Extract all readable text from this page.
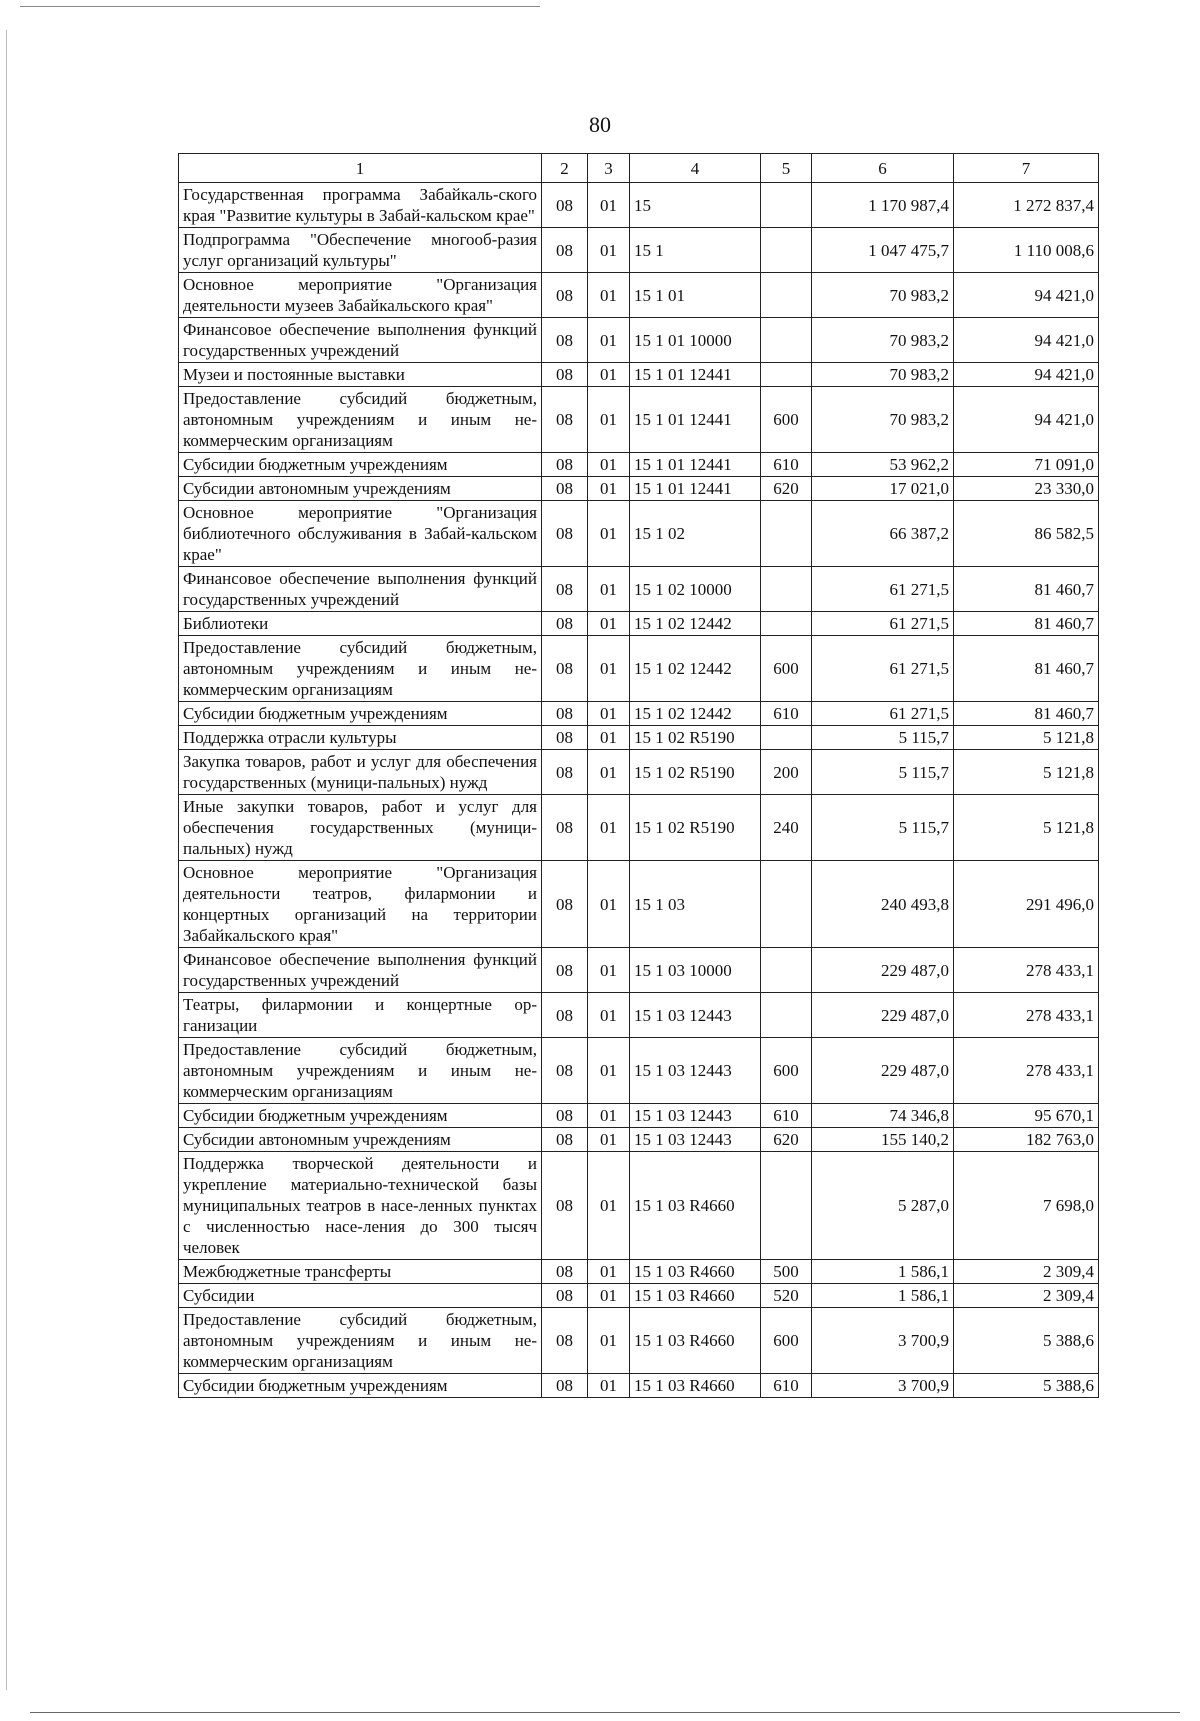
80
1	2	3	4	5	6	7
Государственная программа Забайкаль-ского края "Развитие культуры в Забай-кальском крае"	08	01	15		1 170 987,4	1 272 837,4
Подпрограмма "Обеспечение многооб-разия услуг организаций культуры"	08	01	15 1		1 047 475,7	1 110 008,6
Основное мероприятие "Организация деятельности музеев Забайкальского края"	08	01	15 1 01		70 983,2	94 421,0
Финансовое обеспечение выполнения функций государственных учреждений	08	01	15 1 01 10000		70 983,2	94 421,0
Музеи и постоянные выставки	08	01	15 1 01 12441		70 983,2	94 421,0
Предоставление субсидий бюджетным, автономным учреждениям и иным не-коммерческим организациям	08	01	15 1 01 12441	600	70 983,2	94 421,0
Субсидии бюджетным учреждениям	08	01	15 1 01 12441	610	53 962,2	71 091,0
Субсидии автономным учреждениям	08	01	15 1 01 12441	620	17 021,0	23 330,0
Основное мероприятие "Организация библиотечного обслуживания в Забай-кальском крае"	08	01	15 1 02		66 387,2	86 582,5
Финансовое обеспечение выполнения функций государственных учреждений	08	01	15 1 02 10000		61 271,5	81 460,7
Библиотеки	08	01	15 1 02 12442		61 271,5	81 460,7
Предоставление субсидий бюджетным, автономным учреждениям и иным не-коммерческим организациям	08	01	15 1 02 12442	600	61 271,5	81 460,7
Субсидии бюджетным учреждениям	08	01	15 1 02 12442	610	61 271,5	81 460,7
Поддержка отрасли культуры	08	01	15 1 02 R5190		5 115,7	5 121,8
Закупка товаров, работ и услуг для обеспечения государственных (муници-пальных) нужд	08	01	15 1 02 R5190	200	5 115,7	5 121,8
Иные закупки товаров, работ и услуг для обеспечения государственных (муници-пальных) нужд	08	01	15 1 02 R5190	240	5 115,7	5 121,8
Основное мероприятие "Организация деятельности театров, филармонии и концертных организаций на территории Забайкальского края"	08	01	15 1 03		240 493,8	291 496,0
Финансовое обеспечение выполнения функций государственных учреждений	08	01	15 1 03 10000		229 487,0	278 433,1
Театры, филармонии и концертные ор-ганизации	08	01	15 1 03 12443		229 487,0	278 433,1
Предоставление субсидий бюджетным, автономным учреждениям и иным не-коммерческим организациям	08	01	15 1 03 12443	600	229 487,0	278 433,1
Субсидии бюджетным учреждениям	08	01	15 1 03 12443	610	74 346,8	95 670,1
Субсидии автономным учреждениям	08	01	15 1 03 12443	620	155 140,2	182 763,0
Поддержка творческой деятельности и укрепление материально-технической базы муниципальных театров в насе-ленных пунктах с численностью насе-ления до 300 тысяч человек	08	01	15 1 03 R4660		5 287,0	7 698,0
Межбюджетные трансферты	08	01	15 1 03 R4660	500	1 586,1	2 309,4
Субсидии	08	01	15 1 03 R4660	520	1 586,1	2 309,4
Предоставление субсидий бюджетным, автономным учреждениям и иным не-коммерческим организациям	08	01	15 1 03 R4660	600	3 700,9	5 388,6
Субсидии бюджетным учреждениям	08	01	15 1 03 R4660	610	3 700,9	5 388,6
